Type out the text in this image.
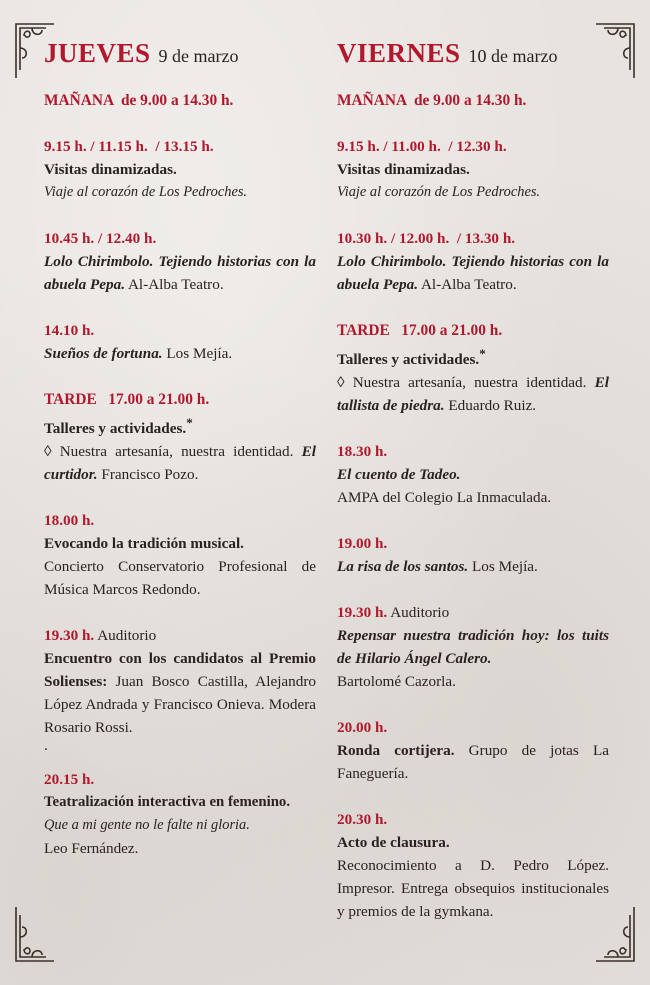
JUEVES 9 de marzo

MAÑANA  de 9.00 a 14.30 h.

9.15 h. / 11.15 h.  / 13.15 h.

Visitas dinamizadas.

Viaje al corazón de Los Pedroches.

10.45 h. / 12.40 h.

Lolo Chirimbolo. Tejiendo historias con la abuela Pepa. Al-Alba Teatro.

14.10 h.

Sueños de fortuna. Los Mejía.

TARDE   17.00 a 21.00 h.

Talleres y actividades.*

◊ Nuestra artesanía, nuestra identidad. El curtidor. Francisco Pozo.

18.00 h.

Evocando la tradición musical.

Concierto Conservatorio Profesional de Música Marcos Redondo.

19.30 h. Auditorio

Encuentro con los candidatos al Premio Solienses: Juan Bosco Castilla, Alejandro López Andrada y Francisco Onieva. Modera Rosario Rossi.

.

20.15 h.

Teatralización interactiva en femenino.

Que a mi gente no le falte ni gloria.

Leo Fernández.

VIERNES 10 de marzo

MAÑANA  de 9.00 a 14.30 h.

9.15 h. / 11.00 h.  / 12.30 h.

Visitas dinamizadas.

Viaje al corazón de Los Pedroches.

10.30 h. / 12.00 h.  / 13.30 h.

Lolo Chirimbolo. Tejiendo historias con la abuela Pepa. Al-Alba Teatro.

TARDE   17.00 a 21.00 h.

Talleres y actividades.*

◊ Nuestra artesanía, nuestra identidad. El tallista de piedra. Eduardo Ruiz.

18.30 h.

El cuento de Tadeo.

AMPA del Colegio La Inmaculada.

19.00 h.

La risa de los santos. Los Mejía.

19.30 h. Auditorio

Repensar nuestra tradición hoy: los tuits de Hilario Ángel Calero.

Bartolomé Cazorla.

20.00 h.

Ronda cortijera. Grupo de jotas La Faneguería.

20.30 h.

Acto de clausura.

Reconocimiento a D. Pedro López. Impresor. Entrega obsequios institucionales y premios de la gymkana.
